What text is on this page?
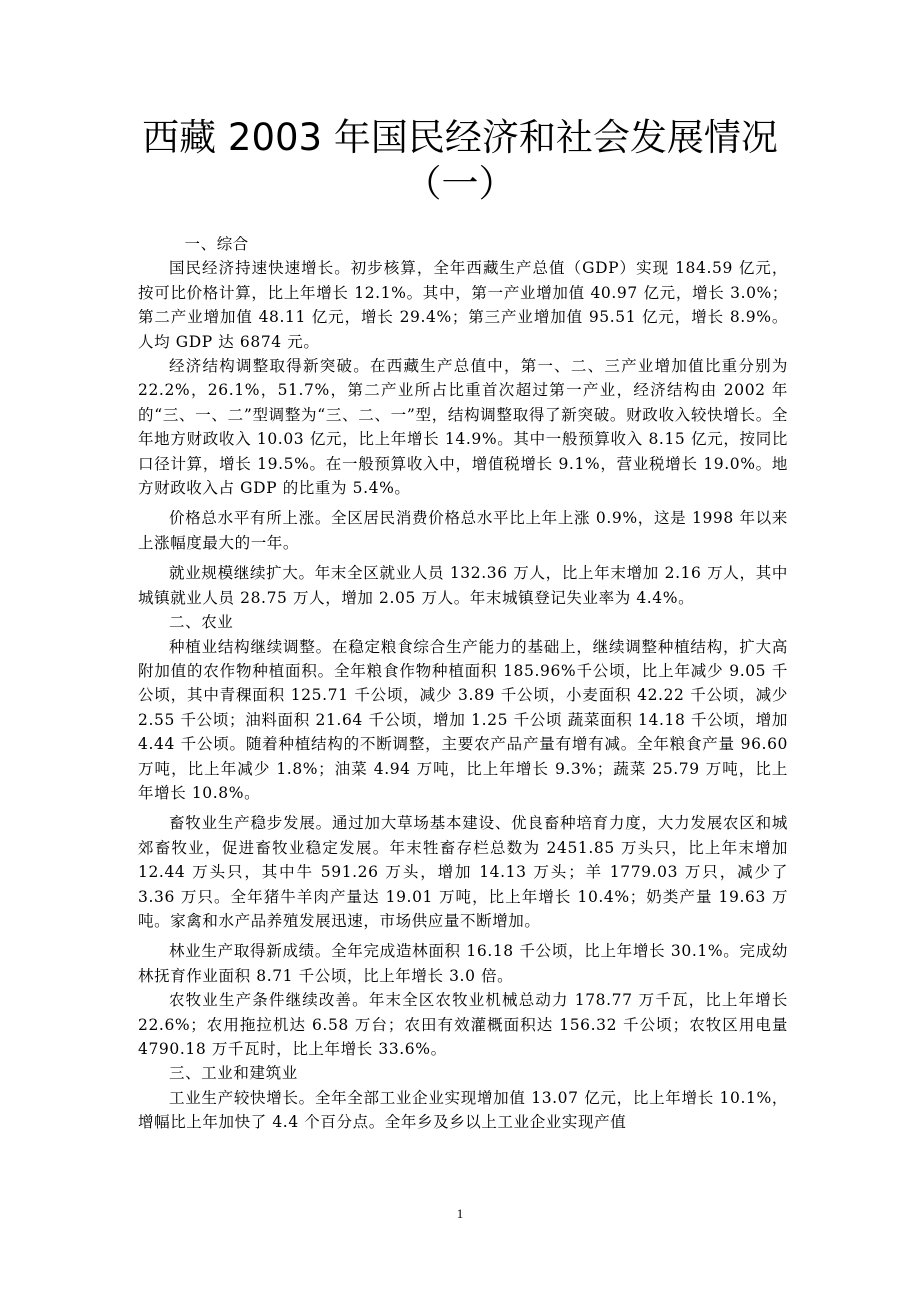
西藏 2003 年国民经济和社会发展情况
（一）

一、综合

国民经济持速快速增长。初步核算，全年西藏生产总值（GDP）实现 184.59 亿元，按可比价格计算，比上年增长 12.1%。其中，第一产业增加值 40.97 亿元，增长 3.0%；第二产业增加值 48.11 亿元，增长 29.4%；第三产业增加值 95.51 亿元，增长 8.9%。人均 GDP 达 6874 元。

经济结构调整取得新突破。在西藏生产总值中，第一、二、三产业增加值比重分别为 22.2%，26.1%，51.7%，第二产业所占比重首次超过第一产业，经济结构由 2002 年的“三、一、二”型调整为“三、二、一”型，结构调整取得了新突破。财政收入较快增长。全年地方财政收入 10.03 亿元，比上年增长 14.9%。其中一般预算收入 8.15 亿元，按同比口径计算，增长 19.5%。在一般预算收入中，增值税增长 9.1%，营业税增长 19.0%。地方财政收入占 GDP 的比重为 5.4%。

价格总水平有所上涨。全区居民消费价格总水平比上年上涨 0.9%，这是 1998 年以来上涨幅度最大的一年。

就业规模继续扩大。年末全区就业人员 132.36 万人，比上年末增加 2.16 万人，其中城镇就业人员 28.75 万人，增加 2.05 万人。年末城镇登记失业率为 4.4%。

二、农业

种植业结构继续调整。在稳定粮食综合生产能力的基础上，继续调整种植结构，扩大高附加值的农作物种植面积。全年粮食作物种植面积 185.96%千公顷，比上年减少 9.05 千公顷，其中青稞面积 125.71 千公顷，减少 3.89 千公顷，小麦面积 42.22 千公顷，减少 2.55 千公顷；油料面积 21.64 千公顷，增加 1.25 千公顷 蔬菜面积 14.18 千公顷，增加 4.44 千公顷。随着种植结构的不断调整，主要农产品产量有增有减。全年粮食产量 96.60 万吨，比上年减少 1.8%；油菜 4.94 万吨，比上年增长 9.3%；蔬菜 25.79 万吨，比上年增长 10.8%。

畜牧业生产稳步发展。通过加大草场基本建设、优良畜种培育力度，大力发展农区和城郊畜牧业，促进畜牧业稳定发展。年末牲畜存栏总数为 2451.85 万头只，比上年末增加 12.44 万头只，其中牛 591.26 万头，增加 14.13 万头；羊 1779.03 万只，减少了 3.36 万只。全年猪牛羊肉产量达 19.01 万吨，比上年增长 10.4%；奶类产量 19.63 万吨。家禽和水产品养殖发展迅速，市场供应量不断增加。

林业生产取得新成绩。全年完成造林面积 16.18 千公顷，比上年增长 30.1%。完成幼林抚育作业面积 8.71 千公顷，比上年增长 3.0 倍。

农牧业生产条件继续改善。年末全区农牧业机械总动力 178.77 万千瓦，比上年增长 22.6%；农用拖拉机达 6.58 万台；农田有效灌概面积达 156.32 千公顷；农牧区用电量 4790.18 万千瓦时，比上年增长 33.6%。

三、工业和建筑业

工业生产较快增长。全年全部工业企业实现增加值 13.07 亿元，比上年增长 10.1%，增幅比上年加快了 4.4 个百分点。全年乡及乡以上工业企业实现产值

1
